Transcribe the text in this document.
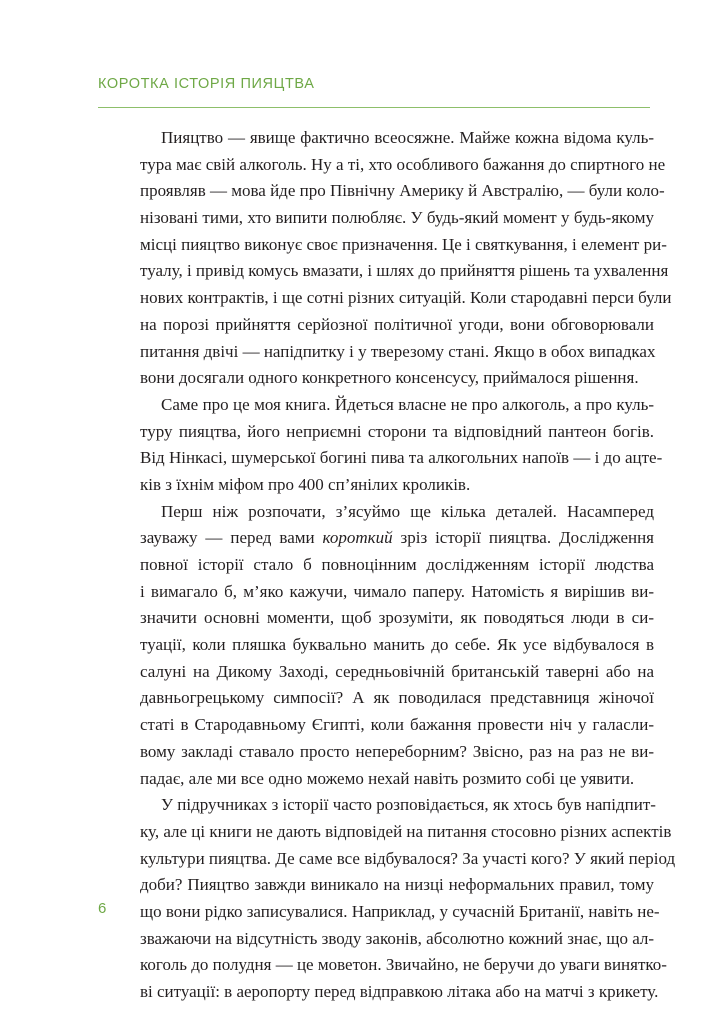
КОРОТКА ІСТОРІЯ ПИЯЦТВА
Пияцтво — явище фактично всеосяжне. Майже кожна відома куль-
тура має свій алкоголь. Ну а ті, хто особливого бажання до спиртного не
проявляв — мова йде про Північну Америку й Австралію, — були коло-
нізовані тими, хто випити полюбляє. У будь-який момент у будь-якому
місці пияцтво виконує своє призначення. Це і святкування, і елемент ри-
туалу, і привід комусь вмазати, і шлях до прийняття рішень та ухвалення
нових контрактів, і ще сотні різних ситуацій. Коли стародавні перси були
на порозі прийняття серйозної політичної угоди, вони обговорювали
питання двічі — напідпитку і у тверезому стані. Якщо в обох випадках
вони досягали одного конкретного консенсусу, приймалося рішення.
Саме про це моя книга. Йдеться власне не про алкоголь, а про куль-
туру пияцтва, його неприємні сторони та відповідний пантеон богів.
Від Нінкасі, шумерської богині пива та алкогольних напоїв — і до ацте-
ків з їхнім міфом про 400 сп’янілих кроликів.
Перш ніж розпочати, з’ясуймо ще кілька деталей. Насамперед
зауважу — перед вами короткий зріз історії пияцтва. Дослідження
повної історії стало б повноцінним дослідженням історії людства
і вимагало б, м’яко кажучи, чимало паперу. Натомість я вирішив ви-
значити основні моменти, щоб зрозуміти, як поводяться люди в си-
туації, коли пляшка буквально манить до себе. Як усе відбувалося в
салуні на Дикому Заході, середньовічній британській таверні або на
давньогрецькому симпосії? А як поводилася представниця жіночої
статі в Стародавньому Єгипті, коли бажання провести ніч у галасли-
вому закладі ставало просто непереборним? Звісно, раз на раз не ви-
падає, але ми все одно можемо нехай навіть розмито собі це уявити.
У підручниках з історії часто розповідається, як хтось був напідпит-
ку, але ці книги не дають відповідей на питання стосовно різних аспектів
культури пияцтва. Де саме все відбувалося? За участі кого? У який період
доби? Пияцтво завжди виникало на низці неформальних правил, тому
що вони рідко записувалися. Наприклад, у сучасній Британії, навіть не-
зважаючи на відсутність зводу законів, абсолютно кожний знає, що ал-
коголь до полудня — це моветон. Звичайно, не беручи до уваги винятко-
ві ситуації: в аеропорту перед відправкою літака або на матчі з крикету.
6
